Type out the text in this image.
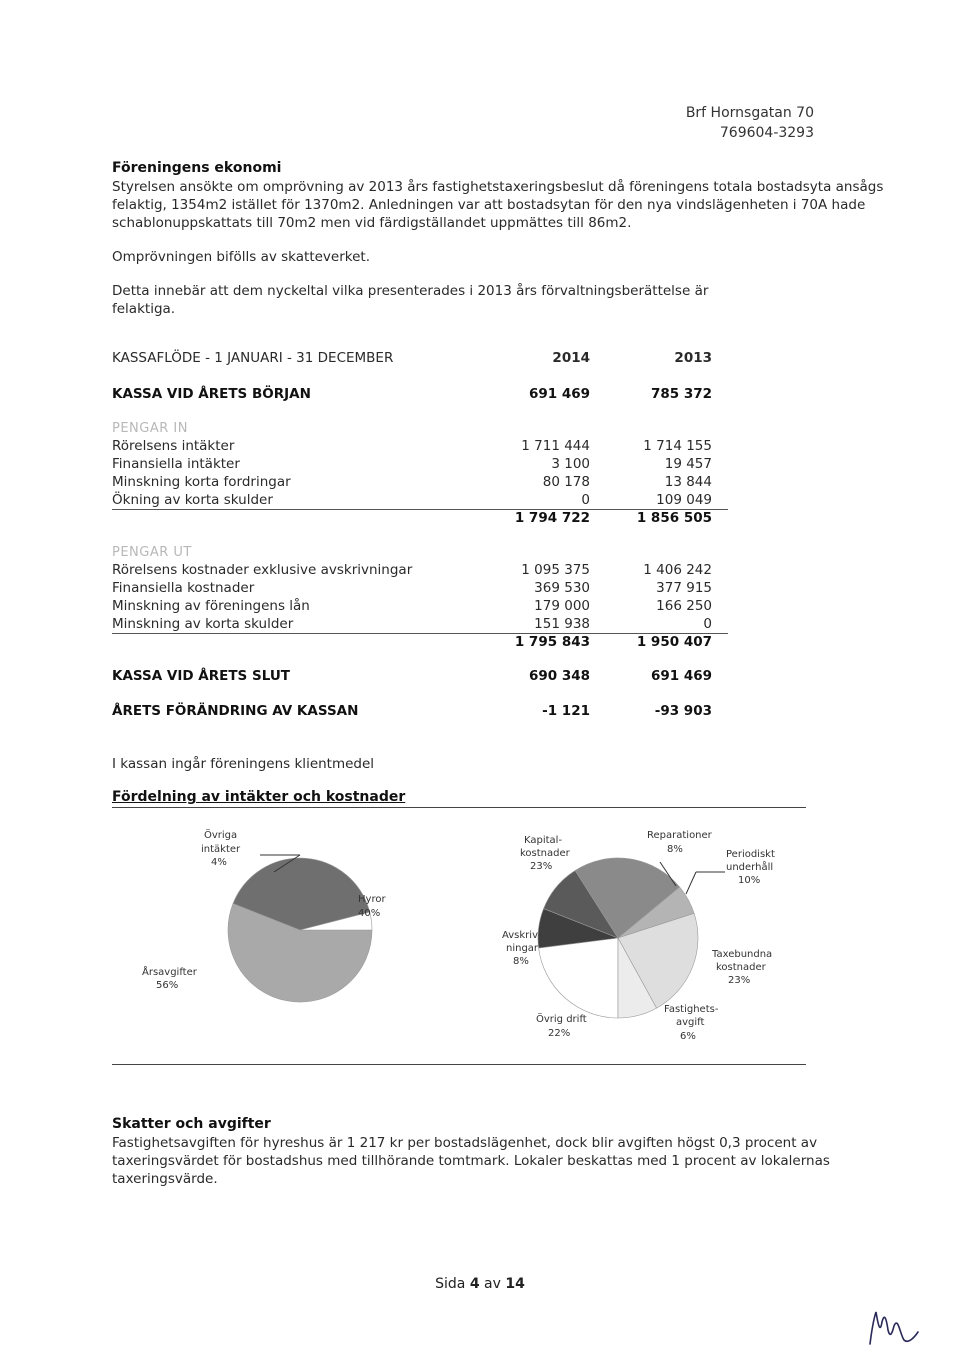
Brf Hornsgatan 70
769604-3293
Föreningens ekonomi
Styrelsen ansökte om omprövning av 2013 års fastighetstaxeringsbeslut då föreningens totala bostadsyta ansågs
felaktig, 1354m2 istället för 1370m2. Anledningen var att bostadsytan för den nya vindslägenheten i 70A hade
schablonuppskattats till 70m2 men vid färdigställandet uppmättes till 86m2.
Omprövningen bifölls av skatteverket.
Detta innebär att dem nyckeltal vilka presenterades i 2013 års förvaltningsberättelse är felaktiga.
KASSAFLÖDE - 1 JANUARI - 31 DECEMBER	2014	2013
KASSA VID ÅRETS BÖRJAN	691 469	785 372
PENGAR IN
Rörelsens intäkter	1 711 444	1 714 155
Finansiella intäkter	3 100	19 457
Minskning korta fordringar	80 178	13 844
Ökning av korta skulder	0	109 049
1 794 722	1 856 505
PENGAR UT
Rörelsens kostnader exklusive avskrivningar	1 095 375	1 406 242
Finansiella kostnader	369 530	377 915
Minskning av föreningens lån	179 000	166 250
Minskning av korta skulder	151 938	0
1 795 843	1 950 407
KASSA VID ÅRETS SLUT	690 348	691 469
ÅRETS FÖRÄNDRING AV KASSAN	-1 121	-93 903
I kassan ingår föreningens klientmedel
Fördelning av intäkter och kostnader
Övriga
intäkter
4%
Hyror
40%
Årsavgifter
56%
Kapital-
kostnader
23%
Reparationer
8%	Periodiskt
underhåll
10%
Avskriv-
ningar
8%
Taxebundna
kostnader
23%
Övrig drift
22%
Fastighets-
avgift
6%
Skatter och avgifter
Fastighetsavgiften för hyreshus är 1 217 kr per bostadslägenhet, dock blir avgiften högst 0,3 procent av
taxeringsvärdet för bostadshus med tillhörande tomtmark. Lokaler beskattas med 1 procent av lokalernas
taxeringsvärde.
Sida 4 av 14
